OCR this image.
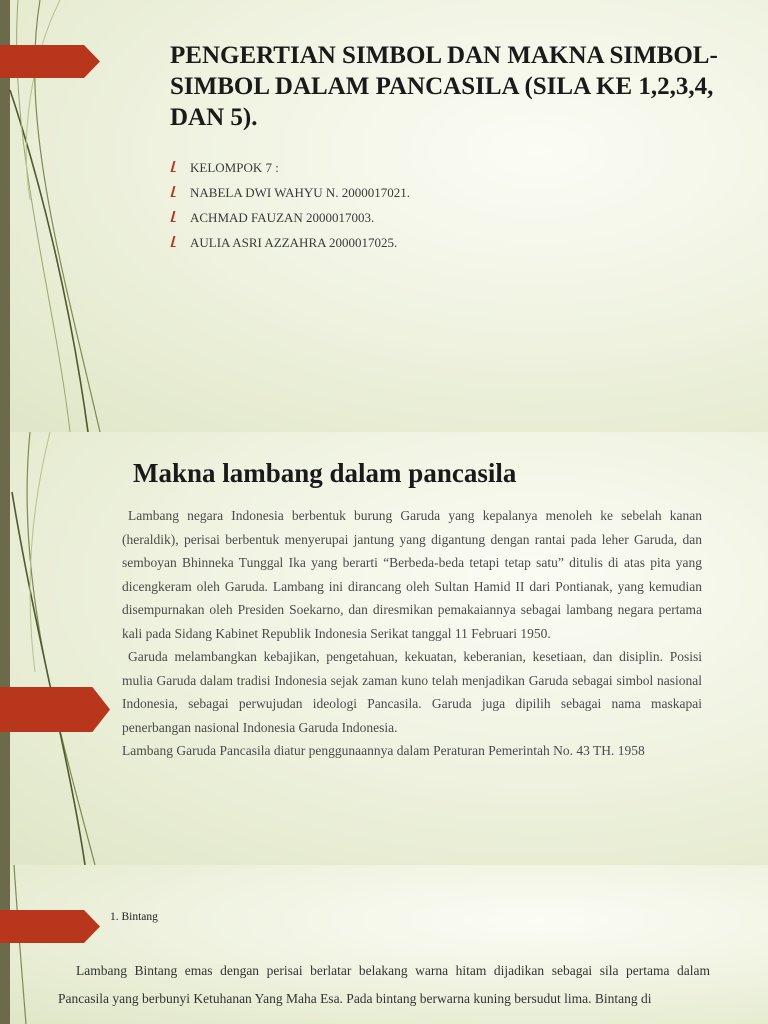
PENGERTIAN SIMBOL DAN MAKNA SIMBOL-SIMBOL DALAM PANCASILA (SILA KE 1,2,3,4, DAN 5).
KELOMPOK 7 :
NABELA DWI WAHYU N. 2000017021.
ACHMAD FAUZAN 2000017003.
AULIA ASRI AZZAHRA 2000017025.
Makna lambang dalam pancasila

Lambang negara Indonesia berbentuk burung Garuda yang kepalanya menoleh ke sebelah kanan (heraldik), perisai berbentuk menyerupai jantung yang digantung dengan rantai pada leher Garuda, dan semboyan Bhinneka Tunggal Ika yang berarti “Berbeda-beda tetapi tetap satu” ditulis di atas pita yang dicengkeram oleh Garuda. Lambang ini dirancang oleh Sultan Hamid II dari Pontianak, yang kemudian disempurnakan oleh Presiden Soekarno, dan diresmikan pemakaiannya sebagai lambang negara pertama kali pada Sidang Kabinet Republik Indonesia Serikat tanggal 11 Februari 1950.

Garuda melambangkan kebajikan, pengetahuan, kekuatan, keberanian, kesetiaan, dan disiplin. Posisi mulia Garuda dalam tradisi Indonesia sejak zaman kuno telah menjadikan Garuda sebagai simbol nasional Indonesia, sebagai perwujudan ideologi Pancasila. Garuda juga dipilih sebagai nama maskapai penerbangan nasional Indonesia Garuda Indonesia.

Lambang Garuda Pancasila diatur penggunaannya dalam Peraturan Pemerintah No. 43 TH. 1958

1. Bintang

Lambang Bintang emas dengan perisai berlatar belakang warna hitam dijadikan sebagai sila pertama dalam Pancasila yang berbunyi Ketuhanan Yang Maha Esa. Pada bintang berwarna kuning bersudut lima. Bintang di
